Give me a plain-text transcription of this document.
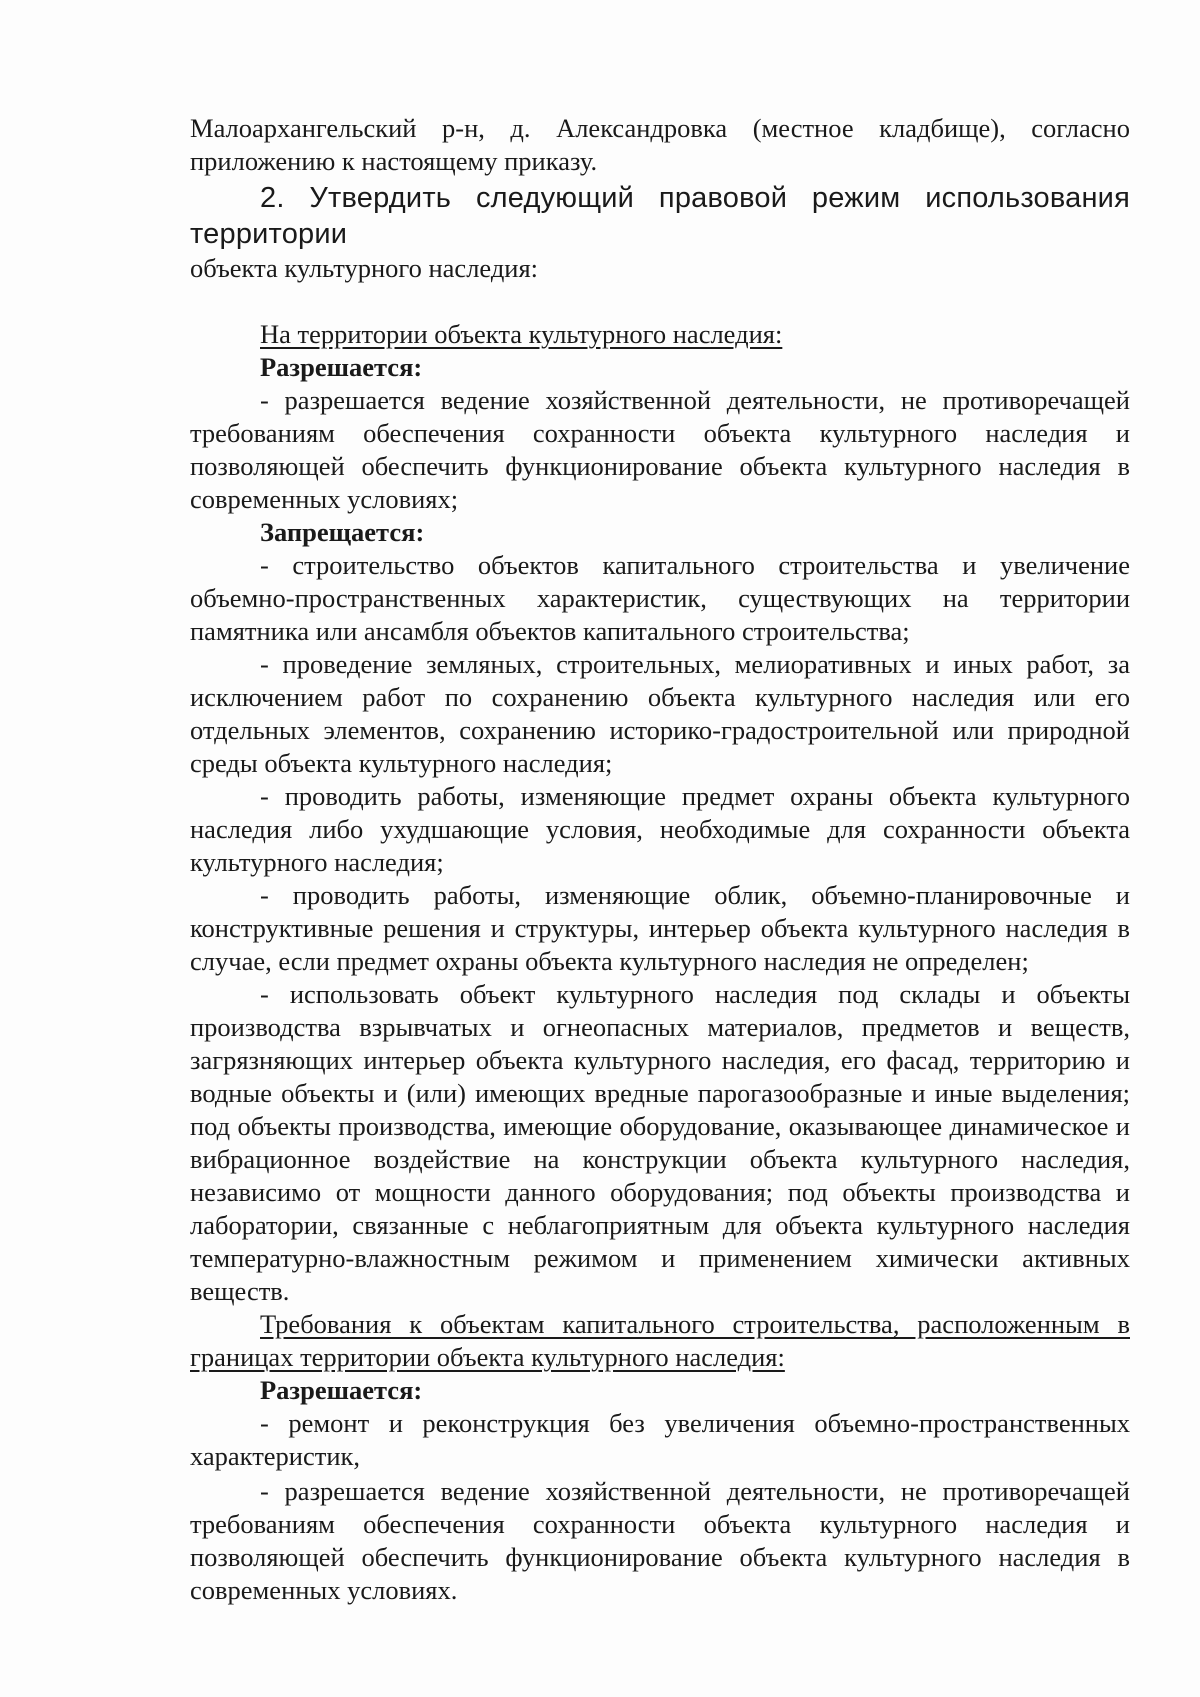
Малоархангельский р-н, д. Александровка (местное кладбище), согласно приложению к настоящему приказу.

2. Утвердить следующий правовой режим использования территории

объекта культурного наследия:

На территории объекта культурного наследия:

Разрешается:

- разрешается ведение хозяйственной деятельности, не противоречащей требованиям обеспечения сохранности объекта культурного наследия и позволяющей обеспечить функционирование объекта культурного наследия в современных условиях;

Запрещается:

- строительство объектов капитального строительства и увеличение объемно-пространственных характеристик, существующих на территории памятника или ансамбля объектов капитального строительства;

- проведение земляных, строительных, мелиоративных и иных работ, за исключением работ по сохранению объекта культурного наследия или его отдельных элементов, сохранению историко-градостроительной или природной среды объекта культурного наследия;

- проводить работы, изменяющие предмет охраны объекта культурного наследия либо ухудшающие условия, необходимые для сохранности объекта культурного наследия;

- проводить работы, изменяющие облик, объемно-планировочные и конструктивные решения и структуры, интерьер объекта культурного наследия в случае, если предмет охраны объекта культурного наследия не определен;

- использовать объект культурного наследия под склады и объекты производства взрывчатых и огнеопасных материалов, предметов и веществ, загрязняющих интерьер объекта культурного наследия, его фасад, территорию и водные объекты и (или) имеющих вредные парогазообразные и иные выделения; под объекты производства, имеющие оборудование, оказывающее динамическое и вибрационное воздействие на конструкции объекта культурного наследия, независимо от мощности данного оборудования; под объекты производства и лаборатории, связанные с неблагоприятным для объекта культурного наследия температурно-влажностным режимом и применением химически активных веществ.

Требования к объектам капитального строительства, расположенным в границах территории объекта культурного наследия:

Разрешается:

- ремонт и реконструкция без увеличения объемно-пространственных характеристик,

- разрешается ведение хозяйственной деятельности, не противоречащей требованиям обеспечения сохранности объекта культурного наследия и позволяющей обеспечить функционирование объекта культурного наследия в современных условиях.
